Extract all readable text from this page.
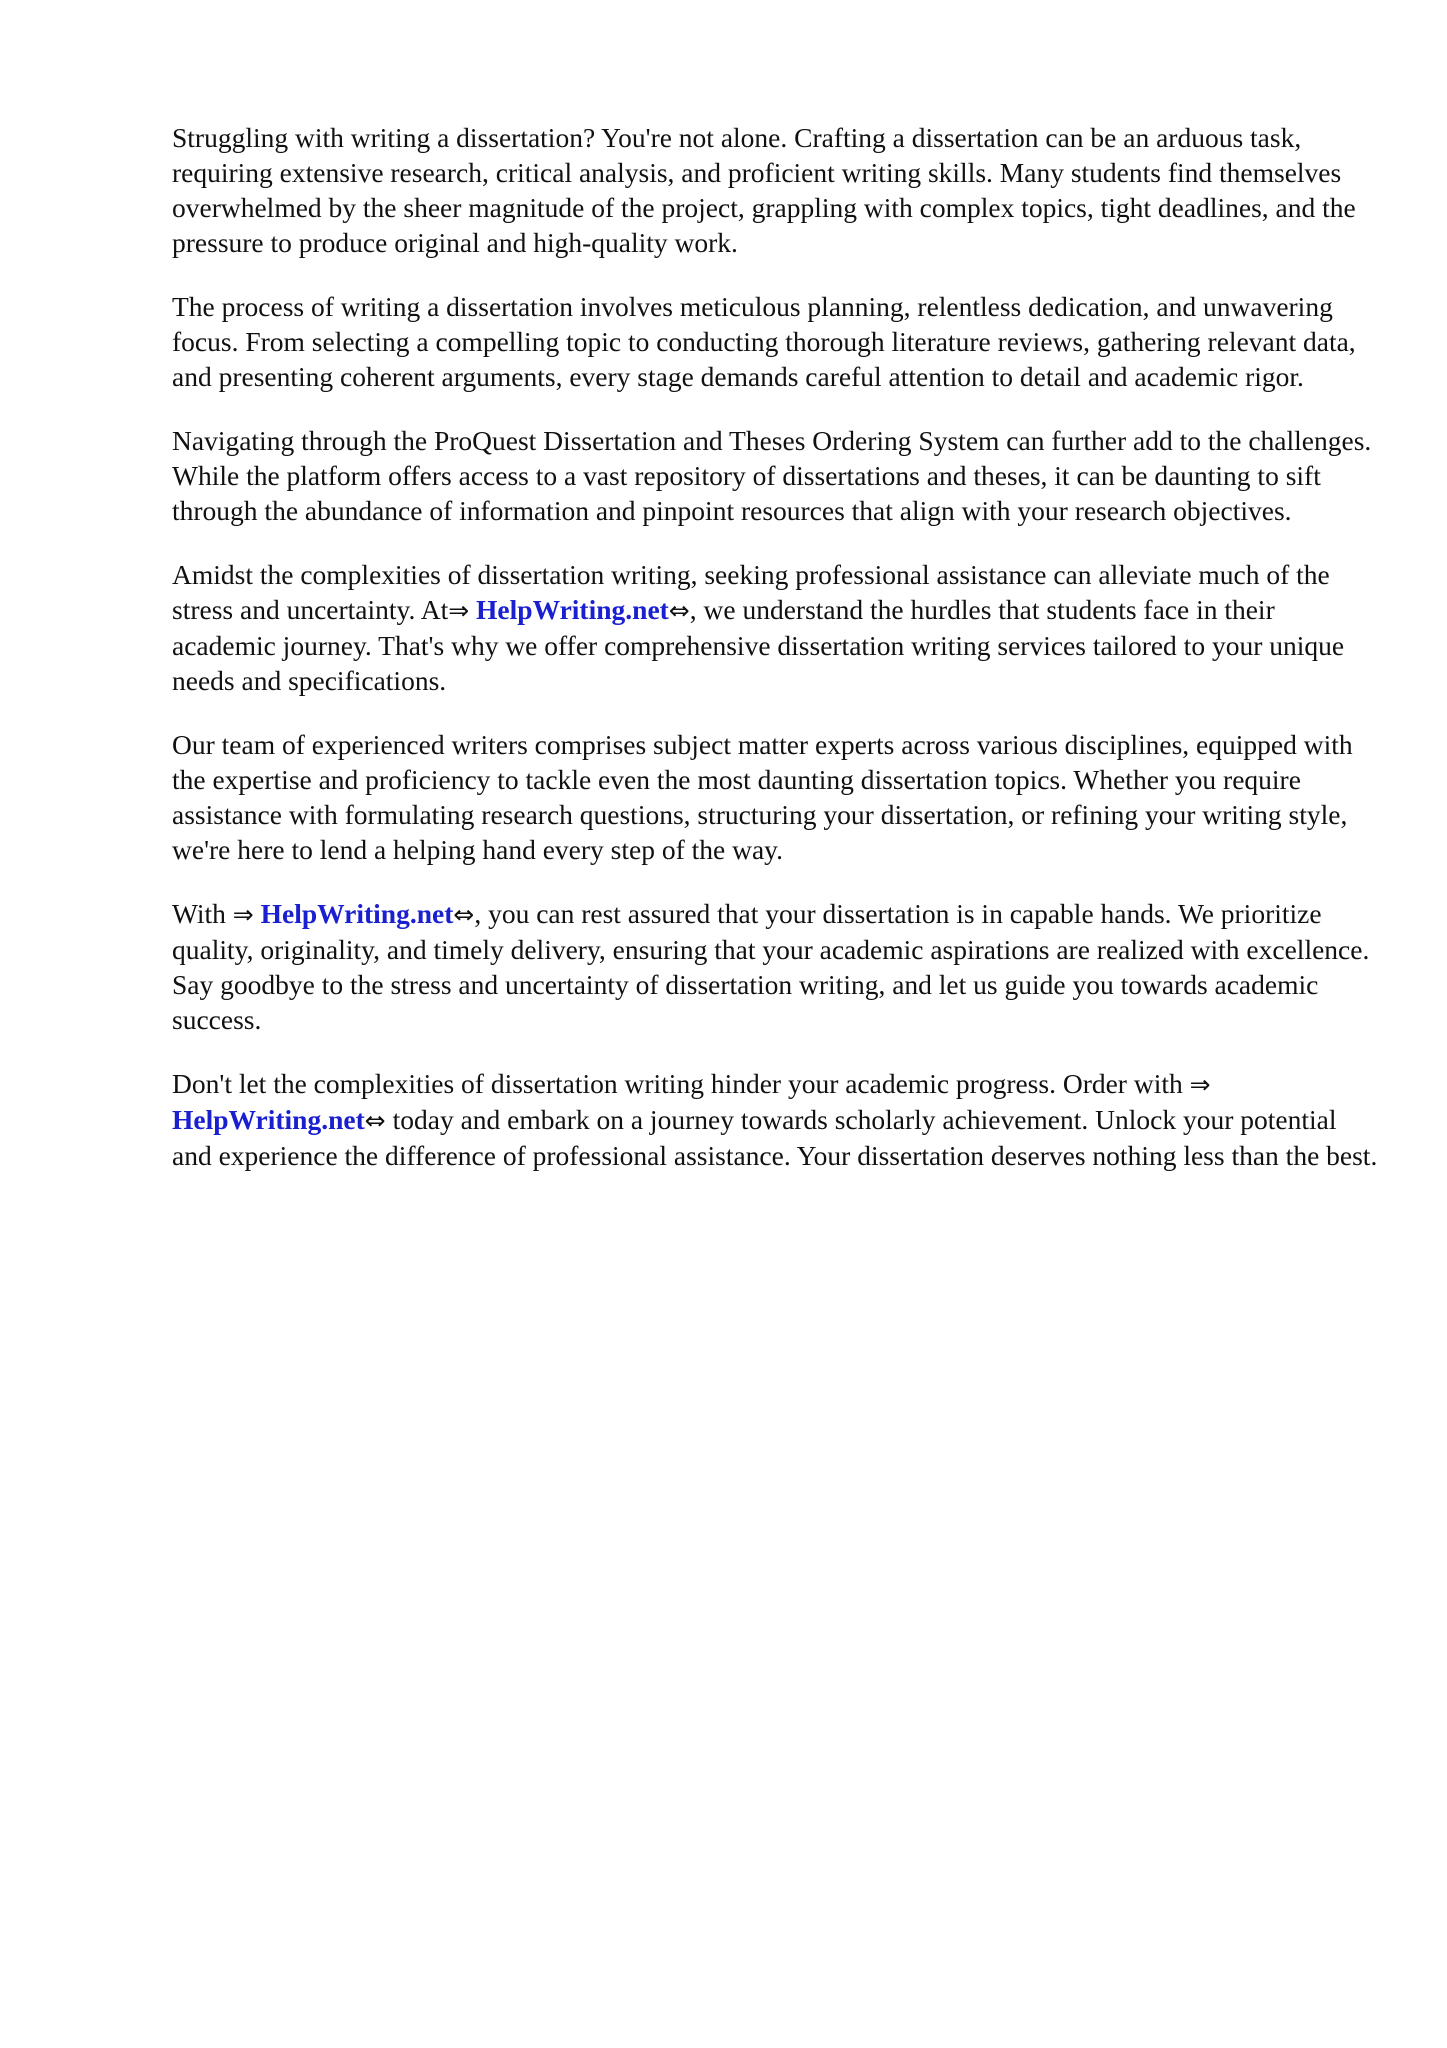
Struggling with writing a dissertation? You're not alone. Crafting a dissertation can be an arduous task, requiring extensive research, critical analysis, and proficient writing skills. Many students find themselves overwhelmed by the sheer magnitude of the project, grappling with complex topics, tight deadlines, and the pressure to produce original and high-quality work.

The process of writing a dissertation involves meticulous planning, relentless dedication, and unwavering focus. From selecting a compelling topic to conducting thorough literature reviews, gathering relevant data, and presenting coherent arguments, every stage demands careful attention to detail and academic rigor.

Navigating through the ProQuest Dissertation and Theses Ordering System can further add to the challenges. While the platform offers access to a vast repository of dissertations and theses, it can be daunting to sift through the abundance of information and pinpoint resources that align with your research objectives.

Amidst the complexities of dissertation writing, seeking professional assistance can alleviate much of the stress and uncertainty. At⇒ HelpWriting.net⇔, we understand the hurdles that students face in their academic journey. That's why we offer comprehensive dissertation writing services tailored to your unique needs and specifications.

Our team of experienced writers comprises subject matter experts across various disciplines, equipped with the expertise and proficiency to tackle even the most daunting dissertation topics. Whether you require assistance with formulating research questions, structuring your dissertation, or refining your writing style, we're here to lend a helping hand every step of the way.

With ⇒ HelpWriting.net⇔, you can rest assured that your dissertation is in capable hands. We prioritize quality, originality, and timely delivery, ensuring that your academic aspirations are realized with excellence. Say goodbye to the stress and uncertainty of dissertation writing, and let us guide you towards academic success.

Don't let the complexities of dissertation writing hinder your academic progress. Order with ⇒ HelpWriting.net⇔ today and embark on a journey towards scholarly achievement. Unlock your potential and experience the difference of professional assistance. Your dissertation deserves nothing less than the best.
